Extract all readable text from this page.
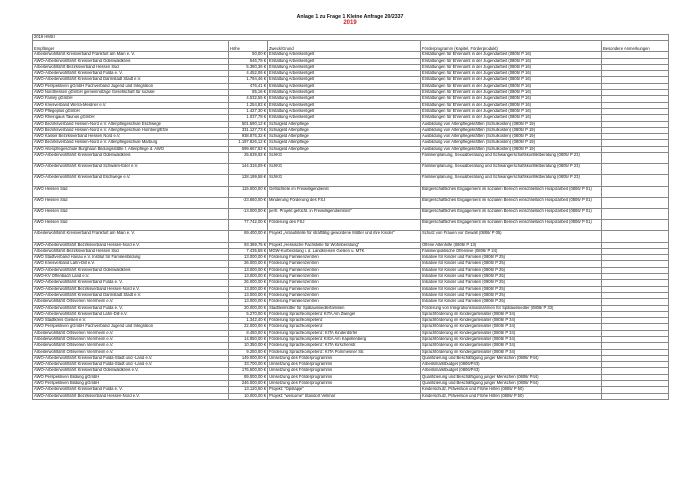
Anlage 1 zu Frage 1 Kleine Anfrage 20/2337
2019
2019 HMSI				
Empfänger	Höhe	Zweck/Grund	Förderprogramm (Kapitel, Förderprodukt)	Besondere Anmerkungen
Arbeiterwohlfahrt Kreisverband Frankfurt am Main e. V.	50,00 €	Erstattung Arbeitsentgelt	Erstattungen für Ehrenamt in der Jugendarbeit (0805/ P 16)	
AWO-Arbeiterwohlfahrt Kreisverband Odenwaldkreis	546,78 €	Erstattung Arbeitsentgelt	Erstattungen für Ehrenamt in der Jugendarbeit (0805/ P 16)	
Arbeiterwohlfahrt Bezirksverband Hessen Süd	5.380,36 €	Erstattung Arbeitsentgelt	Erstattungen für Ehrenamt in der Jugendarbeit (0805/ P 16)	
AWO-Arbeiterwohlfahrt Kreisverband Fulda e. V.	4.452,06 €	Erstattung Arbeitsentgelt	Erstattungen für Ehrenamt in der Jugendarbeit (0805/ P 16)	
AWO-Arbeiterwohlfahrt Kreisverband Darmstadt Stadt e.V.	1.794,46 €	Erstattung Arbeitsentgelt	Erstattungen für Ehrenamt in der Jugendarbeit (0805/ P 16)	
AWO Perspektiven gGmbH Fachverband Jugend und Integration	476,41 €	Erstattung Arbeitsentgelt	Erstattungen für Ehrenamt in der Jugendarbeit (0805/ P 16)	
AWO Nordhessen gGmbH gemeinnützige Gesellschaft für soziale	85,16 €	Erstattung Arbeitsentgelt	Erstattungen für Ehrenamt in der Jugendarbeit (0805/ P 16)	
AWO Family gGmbH	4.532,56 €	Erstattung Arbeitsentgelt	Erstattungen für Ehrenamt in der Jugendarbeit (0805/ P 16)	
AWO Kreisverband Werra-Meißner e.V.	1.254,82 €	Erstattung Arbeitsentgelt	Erstattungen für Ehrenamt in der Jugendarbeit (0805/ P 16)	
AWO Pflegeplus gGmbH	1.427,30 €	Erstattung Arbeitsentgelt	Erstattungen für Ehrenamt in der Jugendarbeit (0805/ P 16)	
AWO Rheingaus Taunus gGmbH	1.037,78 €	Erstattung Arbeitsentgelt	Erstattungen für Ehrenamt in der Jugendarbeit (0805/ P 16)	
AWO Bezirksverband Hessen-Nord e.V. Altenpflegeschule Eschwege	501.590,12 €	Schulgeld Altenpflege	Ausbildung von Altenpflegekräften (Schulkosten) (0805/ P 19)	
AWO Bezirksverband Hessen-Nord e.V. Altenpflegeschule Homberg/Efze	331.127,73 €	Schulgeld Altenpflege	Ausbildung von Altenpflegekräften (Schulkosten) (0805/ P 19)	
AWO Kassel Bezirksverband Hessen Nord e.V.	938.876,32 €	Schulgeld Altenpflege	Ausbildung von Altenpflegekräften (Schulkosten) (0805/ P 19)	
AWO Bezirksverband Hessen-Nord e.V. Altenpflegeschule Marburg	1.197.826,12 €	Schulgeld Altenpflege	Ausbildung von Altenpflegekräften (Schulkosten) (0805/ P 19)	
AWO Altenpflegeschule Burghaun Bildungsstätte f. Altenpflege d. AWO	599.667,82 €	Schulgeld Altenpflege	Ausbildung von Altenpflegekräften (Schulkosten) (0805/ P 19)	
AWO-Arbeiterwohlfahrt Kreisverband Odenwaldkreis	25.639,92 €	SchKG	Familienplanung, Sexualberatung und Schwangerschaftskonfliktberatung (0805/ P 23)	
AWO-Arbeiterwohlfahrt Kreisverband Schwalm-Eder e.V.	144.316,09 €	SchKG	Familienplanung, Sexualberatung und Schwangerschaftskonfliktberatung (0805/ P 23)	
AWO-Arbeiterwohlfahrt Kreisverband Eschwege e.V.	128.199,58 €	SchKG	Familienplanung, Sexualberatung und Schwangerschaftskonfliktberatung (0805/ P 23)	
AWO Hessen Süd	115.000,00 €	Geflüchtete im Freiwilligendienst	Bürgerschaftliches Engagement im sozialen Bereich einschließlich Hospizarbeit (0806/ P 01)	
AWO Hessen Süd	-23.660,00 €	Minderung Förderung des FSJ	Bürgerschaftliches Engagement im sozialen Bereich einschließlich Hospizarbeit (0806/ P 01)	
AWO Hessen Süd	-13.000,00 €	perfr. Projekt gefücht. in Freiwilligendiensten"	Bürgerschaftliches Engagement im sozialen Bereich einschließlich Hospizarbeit (0806/ P 01)	
AWO Hessen Süd	77.742,00 €	Förderung des FSJ	Bürgerschaftliches Engagement im sozialen Bereich einschließlich Hospizarbeit (0806/ P 01)	
Arbeiterwohlfahrt Kreisverband Frankfurt am Main e. V.	69.400,00 €	Projekt „Anlaufstelle für straffällig gewordene Mütter und ihre Kinder“	Schutz von Frauen vor Gewalt (0806/ P 05)	
AWO-Arbeiterwohlfahrt Bezirksverband Hessen-Nord e.V.	93.389,75 €	Projekt „Hessische Fachstelle für Wohnberatung“	Offene Altenhilfe (0806/ P 13)	
Arbeiterwohlfahrt Bezirksverband Hessen Süd	7.435,58 €	MGW-Kurberatung i. d. Landkreisen Gießen u. MTK	Familienpolitische Offensive (0806/ P 24)	
AWO Stadtverband Hanau e.V. Institut für Familienbildung	13.000,00 €	Förderung Familienzentren	Initiative für Kinder und Familien (0806/ P 25)	
AWO Kreisverband Lahn-Dill e.V.	26.000,00 €	Förderung Familienzentren	Initiative für Kinder und Familien (0806/ P 25)	
AWO-Arbeiterwohlfahrt Kreisverband Odenwaldkreis	13.000,00 €	Förderung Familienzentren	Initiative für Kinder und Familien (0806/ P 25)	
AWO-KV Offenbach Land e.V.	13.000,00 €	Förderung Familienzentren	Initiative für Kinder und Familien (0806/ P 25)	
AWO-Arbeiterwohlfahrt Kreisverband Fulda e. V.	26.000,00 €	Förderung Familienzentren	Initiative für Kinder und Familien (0806/ P 25)	
AWO-Arbeiterwohlfahrt Bezirksverband Hessen-Nord e.V.	13.000,00 €	Förderung Familienzentren	Initiative für Kinder und Familien (0806/ P 25)	
AWO-Arbeiterwohlfahrt Kreisverband Darmstadt Stadt e.V.	13.000,00 €	Förderung Familienzentren	Initiative für Kinder und Familien (0806/ P 25)	
Arbeiterwohlfahrt Ortsverein Viernheim e.V.	13.000,00 €	Förderung Familienzentren	Initiative für Kinder und Familien (0806/ P 25)	
AWO-Arbeiterwohlfahrt Kreisverband Fulda e. V.	20.000,00 €	Stadtteilmütter für Spätaussiedlerfamilien	Förderung von Integrationsmaßnahmen für Spätaussiedler (0806/ P 33)	
AWO-Arbeiterwohlfahrt Kreisverband Lahn-Dill e.V.	5.270,00 €	Förderung Sprachkompetenz KITA Am Zwingel	Sprachförderung im Kindergartenalter (0806/ P 34)	
AWO Stadtkreis Gießen e.V.	1.342,40 €	Förderung Sprachkompetenz	Sprachförderung im Kindergartenalter (0806/ P 34)	
AWO Perspektiven gGmbH Fachverband Jugend und Integration	22.000,00 €	Förderung Sprachkompetenz	Sprachförderung im Kindergartenalter (0806/ P 34)	
Arbeiterwohlfahrt Ortsverein Viernheim e.V.	8.450,00 €	Förderung Sprachkompetenz: KITA Kinderdörfel	Sprachförderung im Kindergartenalter (0806/ P 34)	
Arbeiterwohlfahrt Ortsverein Viernheim e.V.	14.850,00 €	Förderung Sprachkompetenz KIGA Am Kapellenberg	Sprachförderung im Kindergartenalter (0806/ P 34)	
Arbeiterwohlfahrt Ortsverein Viernheim e.V.	10.350,00 €	Förderung Sprachkompetenz: KITA Kirschenstr.	Sprachförderung im Kindergartenalter (0806/ P 34)	
Arbeiterwohlfahrt Ortsverein Viernheim e.V.	9.250,00 €	Förderung Sprachkompetenz: KITA Pommesner Str.	Sprachförderung im Kindergartenalter (0806/ P 34)	
AWO-Arbeiterwohlfahrt Kreisverband Fulda-Stadt und -Land e.V.	149.000,00 €	Umsetzung des Förderprogramms	Qualifizierung und Beschäftigung junger Menschen (0806/ P44)	
AWO-Arbeiterwohlfahrt Kreisverband Fulda-Stadt und -Land e.V.	33.700,00 €	Umsetzung des Förderprogramms	Arbeitsmarktbudget (0806/P43)	
AWO-Arbeiterwohlfahrt Kreisverband Odenwaldkreis e.V.	176.500,00 €	Umsetzung des Förderprogramms	Arbeitsmarktbudget (0806/P43)	
AWO Perspektiven Bildung gGmbH	89.000,00 €	Umsetzung des Förderprogramms	Qualifizierung und Beschäftigung junger Menschen (0806/ P44)	
AWO Perspektiven Bildung gGmbH	246.000,00 €	Umsetzung des Förderprogramms	Qualifizierung und Beschäftigung junger Menschen (0806/ P44)	
AWO-Arbeiterwohlfahrt Kreisverband Fulda e. V.	13.120,50 €	Projekt: "Opstapje"	Kinderschutz, Prävention und Frühe Hilfen (0806/ P 50)	
AWO-Arbeiterwohlfahrt Bezirksverband Hessen-Nord e.V.	10.000,00 €	Projekt: "welcome" Standort Vellmar	Kinderschutz, Prävention und Frühe Hilfen (0806/ P 50)	
